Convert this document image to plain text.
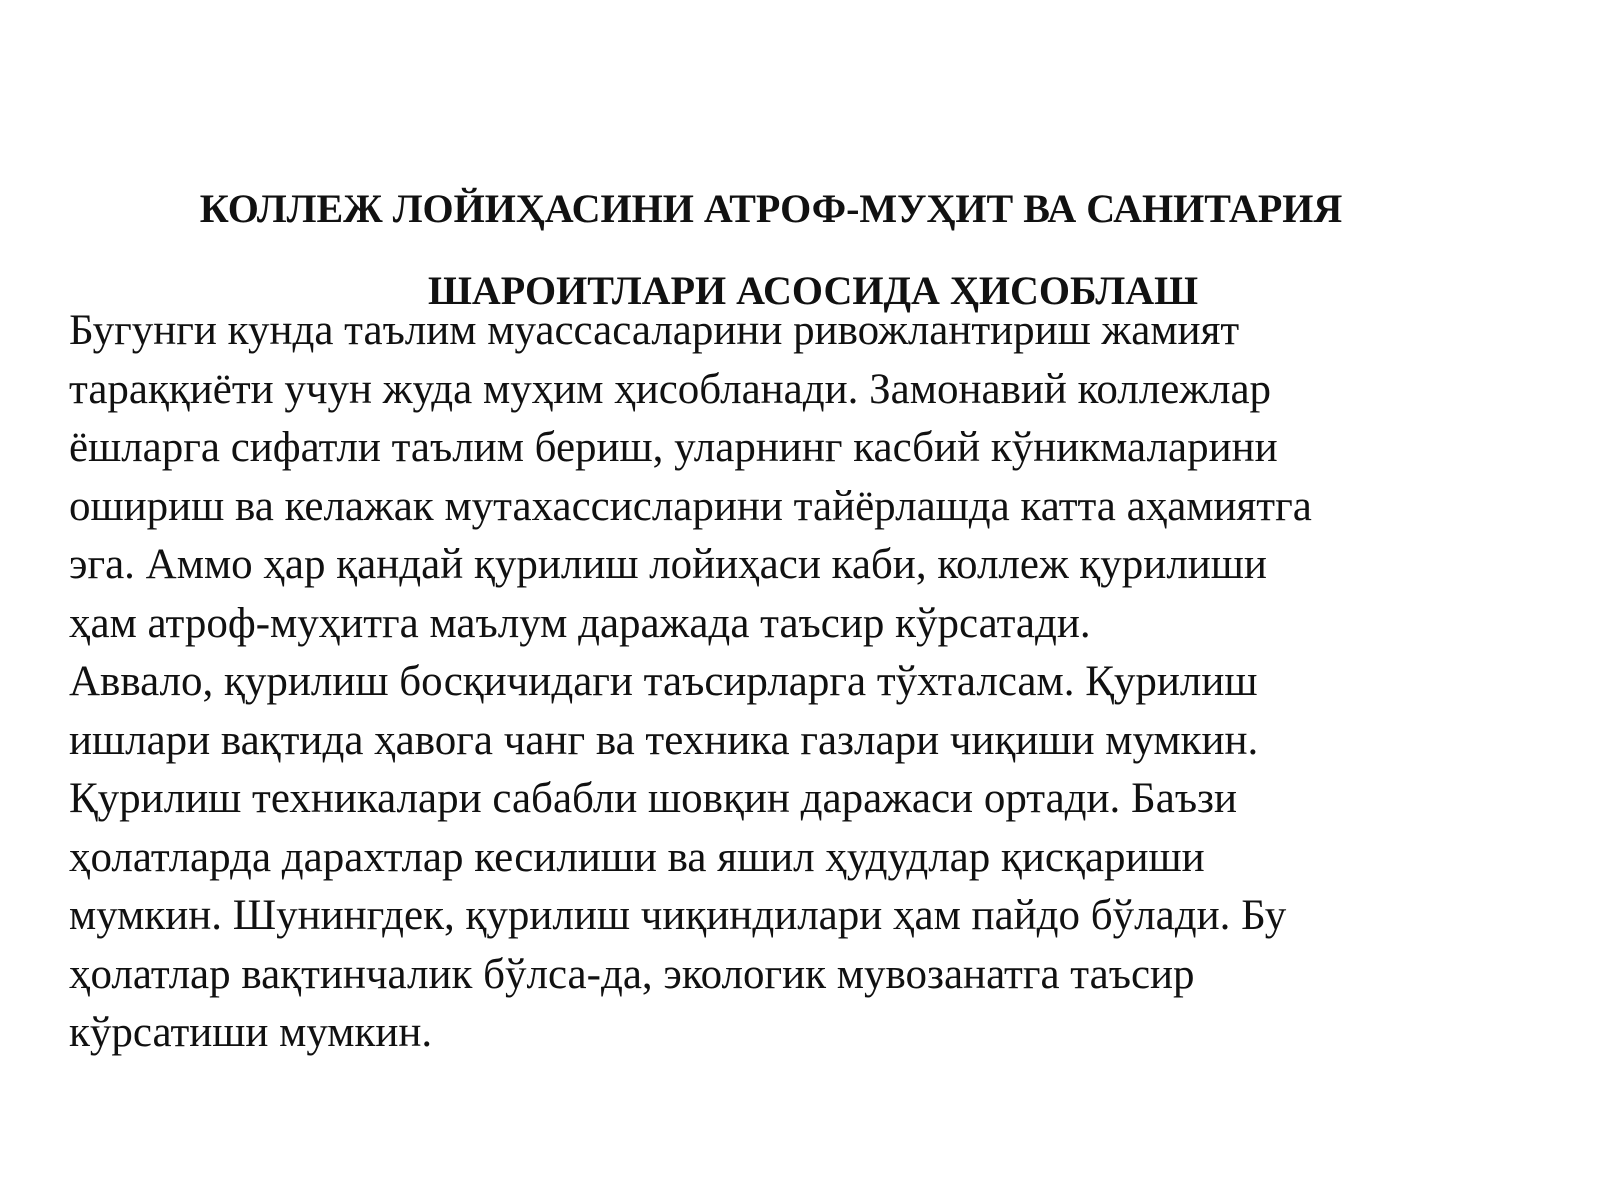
КОЛЛЕЖ ЛОЙИҲАСИНИ АТРОФ-МУҲИТ ВА САНИТАРИЯ
ШАРОИТЛАРИ АСОСИДА ҲИСОБЛАШ
Бугунги кунда таълим муассасаларини ривожлантириш жамият
тараққиёти учун жуда муҳим ҳисобланади. Замонавий коллежлар
ёшларга сифатли таълим бериш, уларнинг касбий кўникмаларини
ошириш ва келажак мутахассисларини тайёрлашда катта аҳамиятга
эга. Аммо ҳар қандай қурилиш лойиҳаси каби, коллеж қурилиши
ҳам атроф-муҳитга маълум даражада таъсир кўрсатади.
Аввало, қурилиш босқичидаги таъсирларга тўхталсам. Қурилиш
ишлари вақтида ҳавога чанг ва техника газлари чиқиши мумкин.
Қурилиш техникалари сабабли шовқин даражаси ортади. Баъзи
ҳолатларда дарахтлар кесилиши ва яшил ҳудудлар қисқариши
мумкин. Шунингдек, қурилиш чиқиндилари ҳам пайдо бўлади. Бу
ҳолатлар вақтинчалик бўлса-да, экологик мувозанатга таъсир
кўрсатиши мумкин.
